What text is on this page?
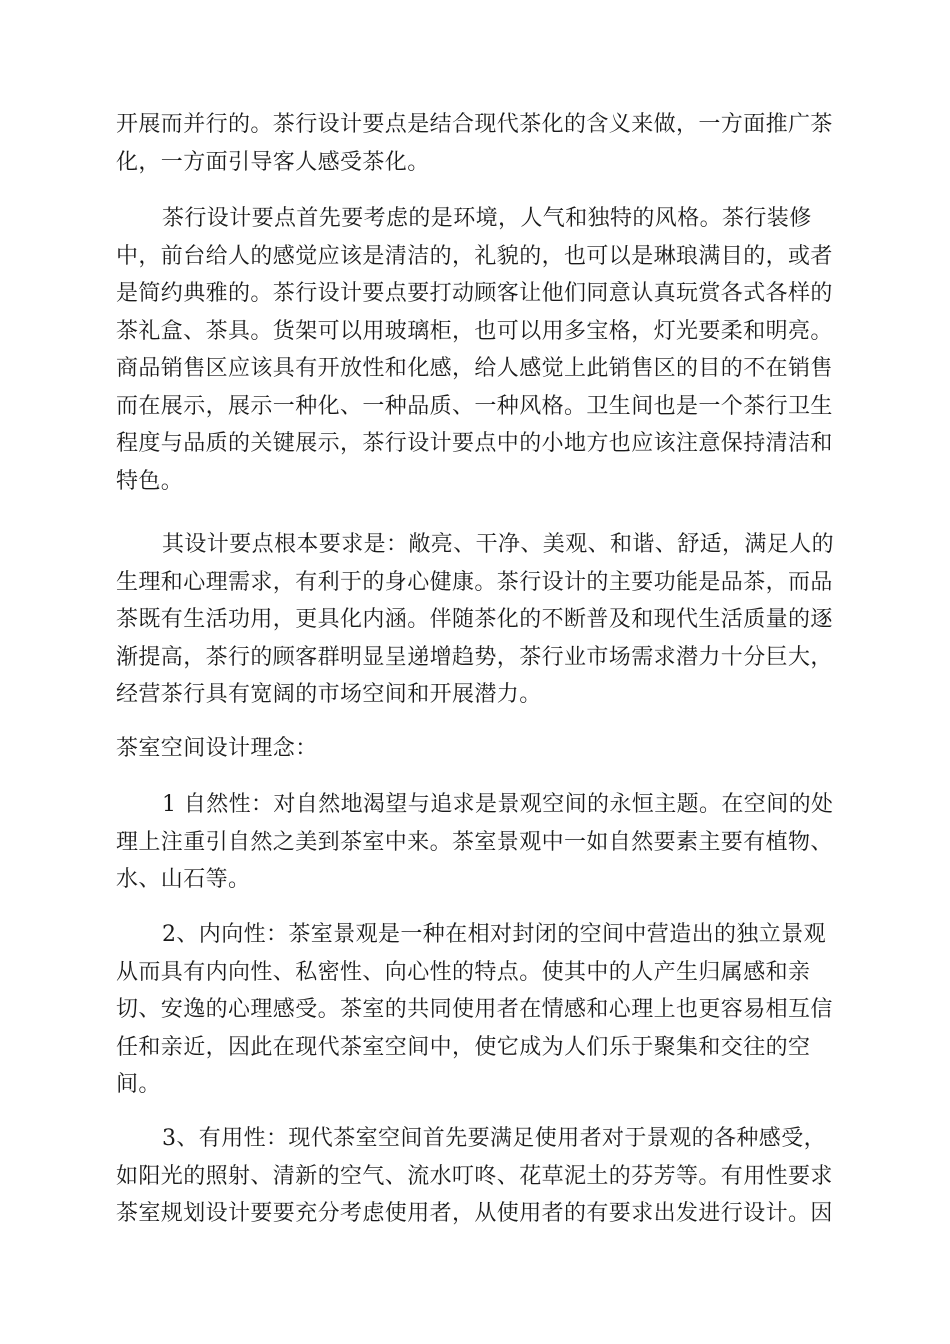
开展而并行的。茶行设计要点是结合现代茶化的含义来做，一方面推广茶
化，一方面引导客人感受茶化。

茶行设计要点首先要考虑的是环境，人气和独特的风格。茶行装修
中，前台给人的感觉应该是清洁的，礼貌的，也可以是琳琅满目的，或者
是简约典雅的。茶行设计要点要打动顾客让他们同意认真玩赏各式各样的
茶礼盒、茶具。货架可以用玻璃柜，也可以用多宝格，灯光要柔和明亮。
商品销售区应该具有开放性和化感，给人感觉上此销售区的目的不在销售
而在展示，展示一种化、一种品质、一种风格。卫生间也是一个茶行卫生
程度与品质的关键展示，茶行设计要点中的小地方也应该注意保持清洁和
特色。

其设计要点根本要求是：敞亮、干净、美观、和谐、舒适，满足人的
生理和心理需求，有利于的身心健康。茶行设计的主要功能是品茶，而品
茶既有生活功用，更具化内涵。伴随茶化的不断普及和现代生活质量的逐
渐提高，茶行的顾客群明显呈递增趋势，茶行业市场需求潜力十分巨大，
经营茶行具有宽阔的市场空间和开展潜力。

茶室空间设计理念：

1 自然性：对自然地渴望与追求是景观空间的永恒主题。在空间的处
理上注重引自然之美到茶室中来。茶室景观中一如自然要素主要有植物、
水、山石等。

2、内向性：茶室景观是一种在相对封闭的空间中营造出的独立景观
从而具有内向性、私密性、向心性的特点。使其中的人产生归属感和亲
切、安逸的心理感受。茶室的共同使用者在情感和心理上也更容易相互信
任和亲近，因此在现代茶室空间中，使它成为人们乐于聚集和交往的空
间。

3、有用性：现代茶室空间首先要满足使用者对于景观的各种感受，
如阳光的照射、清新的空气、流水叮咚、花草泥土的芬芳等。有用性要求
茶室规划设计要要充分考虑使用者，从使用者的有要求出发进行设计。因
